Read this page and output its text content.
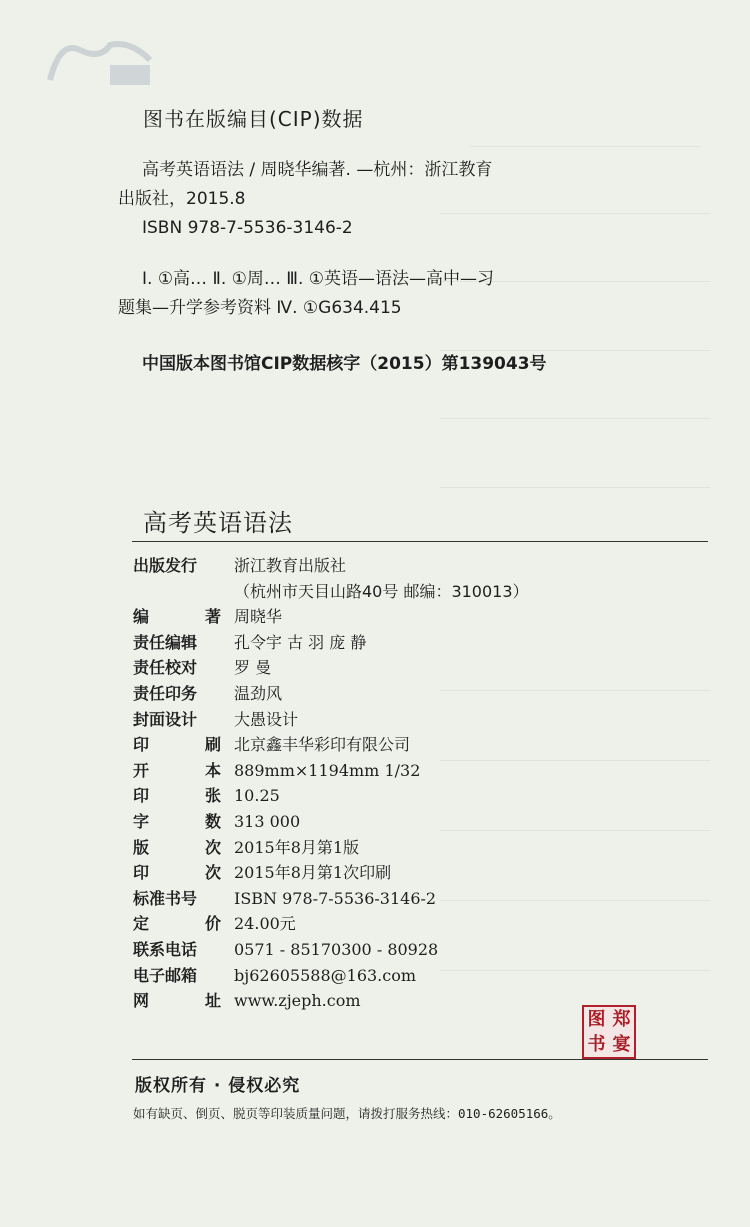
图书在版编目(CIP)数据
高考英语语法 / 周晓华编著. —杭州：浙江教育
出版社，2015.8
ISBN 978-7-5536-3146-2
Ⅰ. ①高… Ⅱ. ①周… Ⅲ. ①英语—语法—高中—习
题集—升学参考资料 Ⅳ. ①G634.415
中国版本图书馆CIP数据核字（2015）第139043号
高考英语语法
出版发行	浙江教育出版社
（杭州市天目山路40号 邮编：310013）
编	著 周晓华
责任编辑	孔令宇 古 羽 庞 静
责任校对	罗 曼
责任印务	温劲风
封面设计	大愚设计
印	刷 北京鑫丰华彩印有限公司
开	本 889mm×1194mm 1/32
印	张 10.25
字	数 313 000
版	次 2015年8月第1版
印	次 2015年8月第1次印刷
标准书号	ISBN 978-7-5536-3146-2
定	价 24.00元
联系电话	0571 - 85170300 - 80928
电子邮箱	bj62605588@163.com
网	址 www.zjeph.com
图 郑
书 宴
版权所有 · 侵权必究
如有缺页、倒页、脱页等印装质量问题，请拨打服务热线：010-62605166。
